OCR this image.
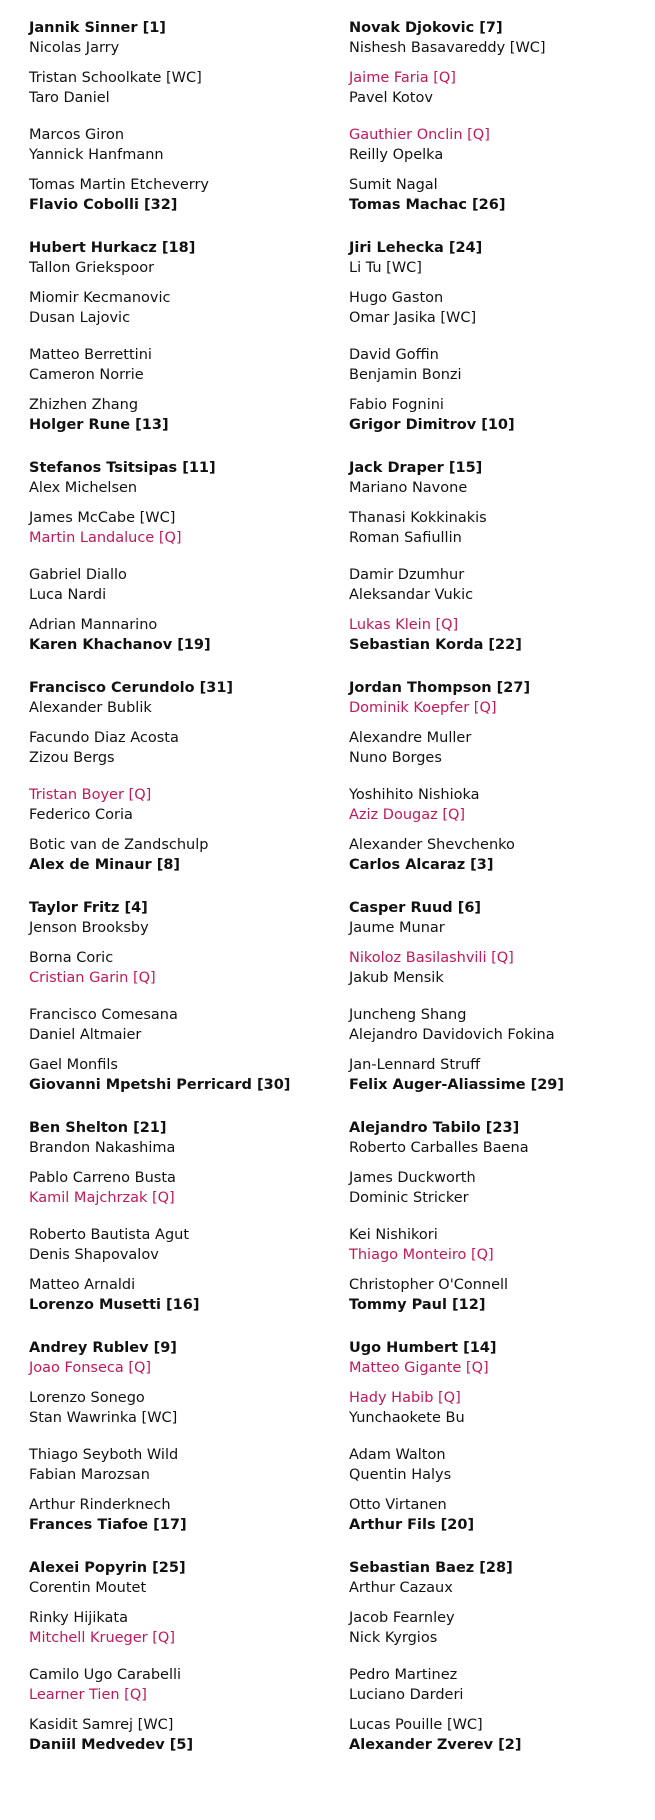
Jannik Sinner [1]
Nicolas Jarry
Tristan Schoolkate [WC]
Taro Daniel
Marcos Giron
Yannick Hanfmann
Tomas Martin Etcheverry
Flavio Cobolli [32]
Novak Djokovic [7]
Nishesh Basavareddy [WC]
Jaime Faria [Q]
Pavel Kotov
Gauthier Onclin [Q]
Reilly Opelka
Sumit Nagal
Tomas Machac [26]
Hubert Hurkacz [18]
Tallon Griekspoor
Miomir Kecmanovic
Dusan Lajovic
Matteo Berrettini
Cameron Norrie
Zhizhen Zhang
Holger Rune [13]
Jiri Lehecka [24]
Li Tu [WC]
Hugo Gaston
Omar Jasika [WC]
David Goffin
Benjamin Bonzi
Fabio Fognini
Grigor Dimitrov [10]
Stefanos Tsitsipas [11]
Alex Michelsen
James McCabe [WC]
Martin Landaluce [Q]
Gabriel Diallo
Luca Nardi
Adrian Mannarino
Karen Khachanov [19]
Jack Draper [15]
Mariano Navone
Thanasi Kokkinakis
Roman Safiullin
Damir Dzumhur
Aleksandar Vukic
Lukas Klein [Q]
Sebastian Korda [22]
Francisco Cerundolo [31]
Alexander Bublik
Facundo Diaz Acosta
Zizou Bergs
Tristan Boyer [Q]
Federico Coria
Botic van de Zandschulp
Alex de Minaur [8]
Jordan Thompson [27]
Dominik Koepfer [Q]
Alexandre Muller
Nuno Borges
Yoshihito Nishioka
Aziz Dougaz [Q]
Alexander Shevchenko
Carlos Alcaraz [3]
Taylor Fritz [4]
Jenson Brooksby
Borna Coric
Cristian Garin [Q]
Francisco Comesana
Daniel Altmaier
Gael Monfils
Giovanni Mpetshi Perricard [30]
Casper Ruud [6]
Jaume Munar
Nikoloz Basilashvili [Q]
Jakub Mensik
Juncheng Shang
Alejandro Davidovich Fokina
Jan-Lennard Struff
Felix Auger-Aliassime [29]
Ben Shelton [21]
Brandon Nakashima
Pablo Carreno Busta
Kamil Majchrzak [Q]
Roberto Bautista Agut
Denis Shapovalov
Matteo Arnaldi
Lorenzo Musetti [16]
Alejandro Tabilo [23]
Roberto Carballes Baena
James Duckworth
Dominic Stricker
Kei Nishikori
Thiago Monteiro [Q]
Christopher O'Connell
Tommy Paul [12]
Andrey Rublev [9]
Joao Fonseca [Q]
Lorenzo Sonego
Stan Wawrinka [WC]
Thiago Seyboth Wild
Fabian Marozsan
Arthur Rinderknech
Frances Tiafoe [17]
Ugo Humbert [14]
Matteo Gigante [Q]
Hady Habib [Q]
Yunchaokete Bu
Adam Walton
Quentin Halys
Otto Virtanen
Arthur Fils [20]
Alexei Popyrin [25]
Corentin Moutet
Rinky Hijikata
Mitchell Krueger [Q]
Camilo Ugo Carabelli
Learner Tien [Q]
Kasidit Samrej [WC]
Daniil Medvedev [5]
Sebastian Baez [28]
Arthur Cazaux
Jacob Fearnley
Nick Kyrgios
Pedro Martinez
Luciano Darderi
Lucas Pouille [WC]
Alexander Zverev [2]
